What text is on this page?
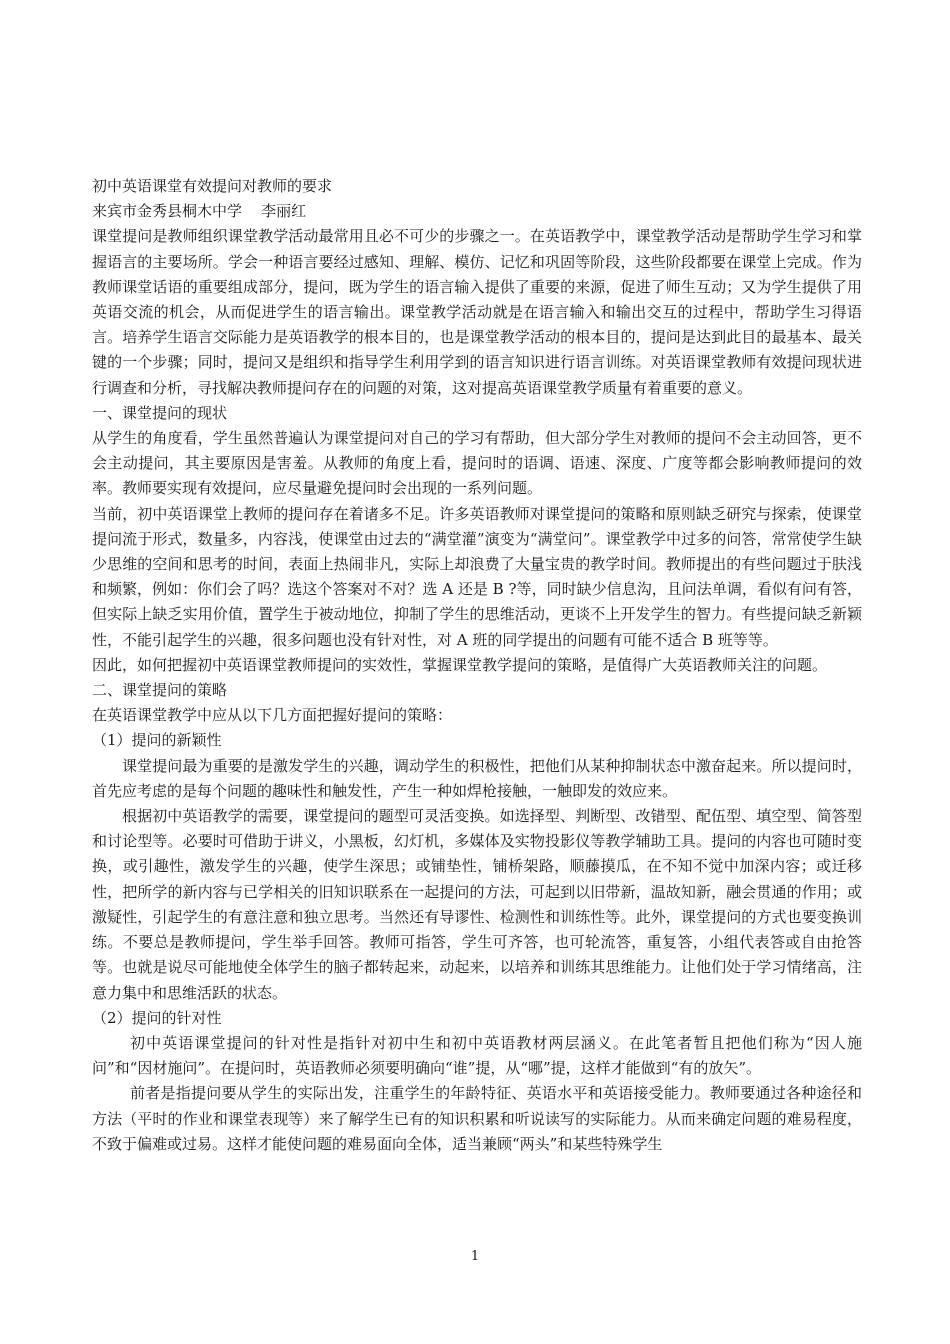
初中英语课堂有效提问对教师的要求

来宾市金秀县桐木中学    李丽红

课堂提问是教师组织课堂教学活动最常用且必不可少的步骤之一。在英语教学中，课堂教学活动是帮助学生学习和掌握语言的主要场所。学会一种语言要经过感知、理解、模仿、记忆和巩固等阶段，这些阶段都要在课堂上完成。作为教师课堂话语的重要组成部分，提问，既为学生的语言输入提供了重要的来源，促进了师生互动；又为学生提供了用英语交流的机会，从而促进学生的语言输出。课堂教学活动就是在语言输入和输出交互的过程中，帮助学生习得语言。培养学生语言交际能力是英语教学的根本目的，也是课堂教学活动的根本目的，提问是达到此目的最基本、最关键的一个步骤；同时，提问又是组织和指导学生利用学到的语言知识进行语言训练。对英语课堂教师有效提问现状进行调查和分析，寻找解决教师提问存在的问题的对策，这对提高英语课堂教学质量有着重要的意义。

一、课堂提问的现状

从学生的角度看，学生虽然普遍认为课堂提问对自己的学习有帮助，但大部分学生对教师的提问不会主动回答，更不会主动提问，其主要原因是害羞。从教师的角度上看，提问时的语调、语速、深度、广度等都会影响教师提问的效率。教师要实现有效提问，应尽量避免提问时会出现的一系列问题。

当前，初中英语课堂上教师的提问存在着诸多不足。许多英语教师对课堂提问的策略和原则缺乏研究与探索，使课堂提问流于形式，数量多，内容浅，使课堂由过去的“满堂灌”演变为“满堂问”。课堂教学中过多的问答，常常使学生缺少思维的空间和思考的时间，表面上热闹非凡，实际上却浪费了大量宝贵的教学时间。教师提出的有些问题过于肤浅和频繁，例如：你们会了吗？选这个答案对不对？选 A 还是 B ?等，同时缺少信息沟，且问法单调，看似有问有答，但实际上缺乏实用价值，置学生于被动地位，抑制了学生的思维活动，更谈不上开发学生的智力。有些提问缺乏新颖性，不能引起学生的兴趣，很多问题也没有针对性，对 A 班的同学提出的问题有可能不适合 B 班等等。

因此，如何把握初中英语课堂教师提问的实效性，掌握课堂教学提问的策略，是值得广大英语教师关注的问题。

二、课堂提问的策略

在英语课堂教学中应从以下几方面把握好提问的策略：

（1）提问的新颖性

课堂提问最为重要的是激发学生的兴趣，调动学生的积极性，把他们从某种抑制状态中激奋起来。所以提问时，首先应考虑的是每个问题的趣味性和触发性，产生一种如焊枪接触，一触即发的效应来。

根据初中英语教学的需要，课堂提问的题型可灵活变换。如选择型、判断型、改错型、配伍型、填空型、简答型和讨论型等。必要时可借助于讲义，小黑板，幻灯机，多媒体及实物投影仪等教学辅助工具。提问的内容也可随时变换，或引趣性，激发学生的兴趣，使学生深思；或铺垫性，铺桥架路，顺藤摸瓜，在不知不觉中加深内容；或迁移性，把所学的新内容与已学相关的旧知识联系在一起提问的方法，可起到以旧带新，温故知新，融会贯通的作用；或激疑性，引起学生的有意注意和独立思考。当然还有导谬性、检测性和训练性等。此外，课堂提问的方式也要变换训练。不要总是教师提问，学生举手回答。教师可指答，学生可齐答，也可轮流答，重复答，小组代表答或自由抢答等。也就是说尽可能地使全体学生的脑子都转起来，动起来，以培养和训练其思维能力。让他们处于学习情绪高，注意力集中和思维活跃的状态。

（2）提问的针对性

初中英语课堂提问的针对性是指针对初中生和初中英语教材两层涵义。在此笔者暂且把他们称为“因人施问”和“因材施问”。在提问时，英语教师必须要明确向“谁”提，从“哪”提，这样才能做到“有的放矢”。

前者是指提问要从学生的实际出发，注重学生的年龄特征、英语水平和英语接受能力。教师要通过各种途径和方法（平时的作业和课堂表现等）来了解学生已有的知识积累和听说读写的实际能力。从而来确定问题的难易程度，不致于偏难或过易。这样才能使问题的难易面向全体，适当兼顾“两头”和某些特殊学生

1
